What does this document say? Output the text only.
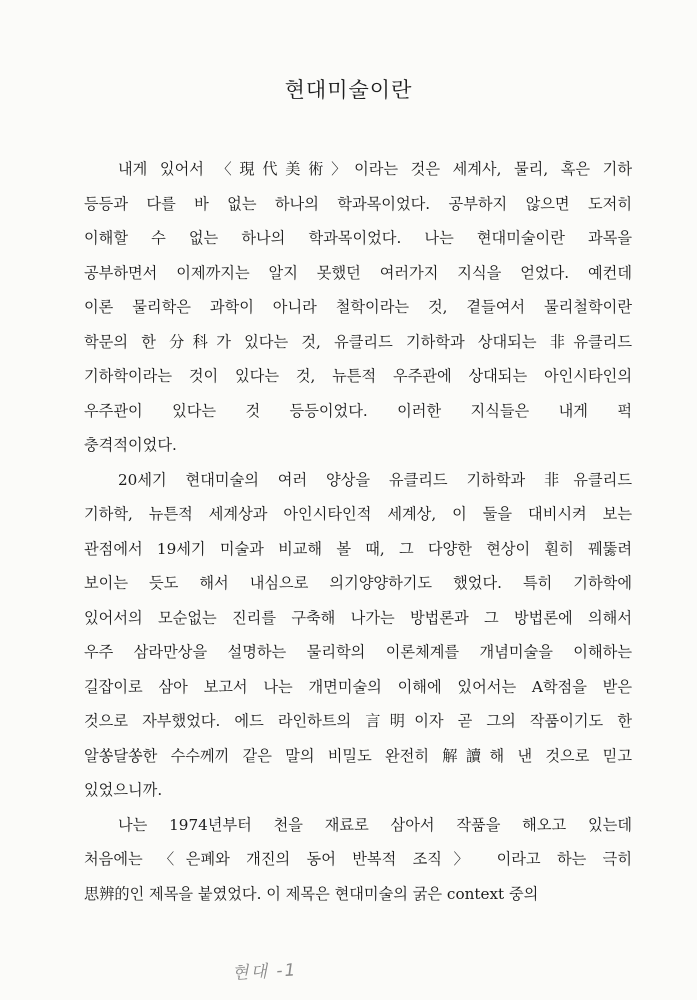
현대미술이란
내게 있어서 〈現代美術〉이라는 것은 세계사, 물리, 혹은 기하
등등과 다를 바 없는 하나의 학과목이었다. 공부하지 않으면 도저히
이해할 수 없는 하나의 학과목이었다. 나는 현대미술이란 과목을
공부하면서 이제까지는 알지 못했던 여러가지 지식을 얻었다. 예컨데
이론 물리학은 과학이 아니라 철학이라는 것, 곁들여서 물리철학이란
학문의 한 分科가 있다는 것, 유클리드 기하학과 상대되는 非유클리드
기하학이라는 것이 있다는 것, 뉴튼적 우주관에 상대되는 아인시타인의
우주관이 있다는 것 등등이었다. 이러한 지식들은 내게 퍽
충격적이었다.
20세기 현대미술의 여러 양상을 유클리드 기하학과 非유클리드
기하학, 뉴튼적 세계상과 아인시타인적 세계상, 이 둘을 대비시켜 보는
관점에서 19세기 미술과 비교해 볼 때, 그 다양한 현상이 훤히 꿰뚫려
보이는 듯도 해서 내심으로 의기양양하기도 했었다. 특히 기하학에
있어서의 모순없는 진리를 구축해 나가는 방법론과 그 방법론에 의해서
우주 삼라만상을 설명하는 물리학의 이론체계를 개념미술을 이해하는
길잡이로 삼아 보고서 나는 개면미술의 이해에 있어서는 A학점을 받은
것으로 자부했었다. 에드 라인하트의 言明이자 곧 그의 작품이기도 한
알쏭달쏭한 수수께끼 같은 말의 비밀도 완전히 解讀해 낸 것으로 믿고
있었으니까.
나는 1974년부터 천을 재료로 삼아서 작품을 해오고 있는데
처음에는 〈은폐와 개진의 동어 반복적 조직〉 이라고 하는 극히
思辨的인 제목을 붙였었다. 이 제목은 현대미술의 굵은 context 중의
현대 -1
